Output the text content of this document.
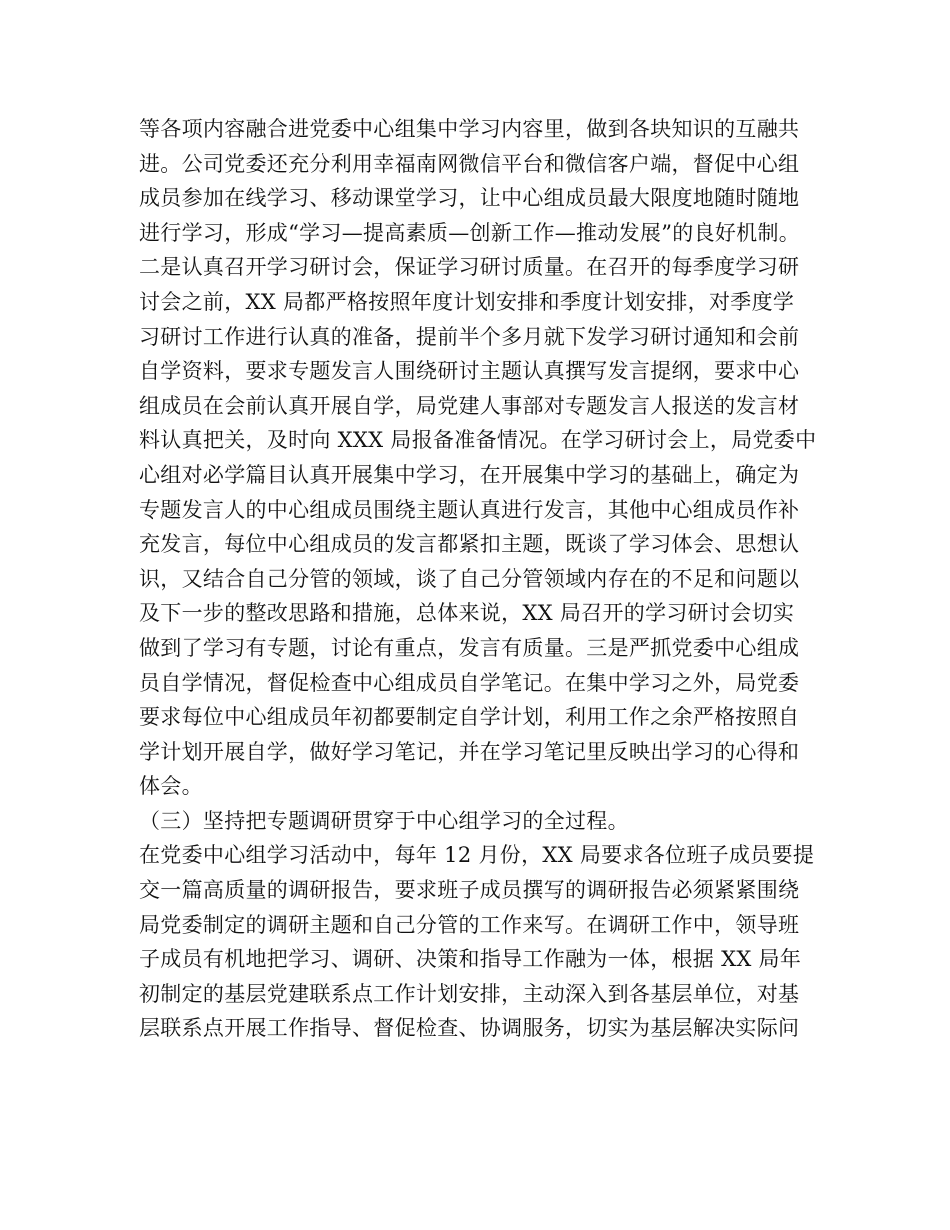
等各项内容融合进党委中心组集中学习内容里，做到各块知识的互融共
进。公司党委还充分利用幸福南网微信平台和微信客户端，督促中心组
成员参加在线学习、移动课堂学习，让中心组成员最大限度地随时随地
进行学习，形成“学习—提高素质—创新工作—推动发展”的良好机制。
二是认真召开学习研讨会，保证学习研讨质量。在召开的每季度学习研
讨会之前，XX 局都严格按照年度计划安排和季度计划安排，对季度学
习研讨工作进行认真的准备，提前半个多月就下发学习研讨通知和会前
自学资料，要求专题发言人围绕研讨主题认真撰写发言提纲，要求中心
组成员在会前认真开展自学，局党建人事部对专题发言人报送的发言材
料认真把关，及时向 XXX 局报备准备情况。在学习研讨会上，局党委中
心组对必学篇目认真开展集中学习，在开展集中学习的基础上，确定为
专题发言人的中心组成员围绕主题认真进行发言，其他中心组成员作补
充发言，每位中心组成员的发言都紧扣主题，既谈了学习体会、思想认
识，又结合自己分管的领域，谈了自己分管领域内存在的不足和问题以
及下一步的整改思路和措施，总体来说，XX 局召开的学习研讨会切实
做到了学习有专题，讨论有重点，发言有质量。三是严抓党委中心组成
员自学情况，督促检查中心组成员自学笔记。在集中学习之外，局党委
要求每位中心组成员年初都要制定自学计划，利用工作之余严格按照自
学计划开展自学，做好学习笔记，并在学习笔记里反映出学习的心得和
体会。
（三）坚持把专题调研贯穿于中心组学习的全过程。
在党委中心组学习活动中，每年 12 月份，XX 局要求各位班子成员要提
交一篇高质量的调研报告，要求班子成员撰写的调研报告必须紧紧围绕
局党委制定的调研主题和自己分管的工作来写。在调研工作中，领导班
子成员有机地把学习、调研、决策和指导工作融为一体，根据 XX 局年
初制定的基层党建联系点工作计划安排，主动深入到各基层单位，对基
层联系点开展工作指导、督促检查、协调服务，切实为基层解决实际问
